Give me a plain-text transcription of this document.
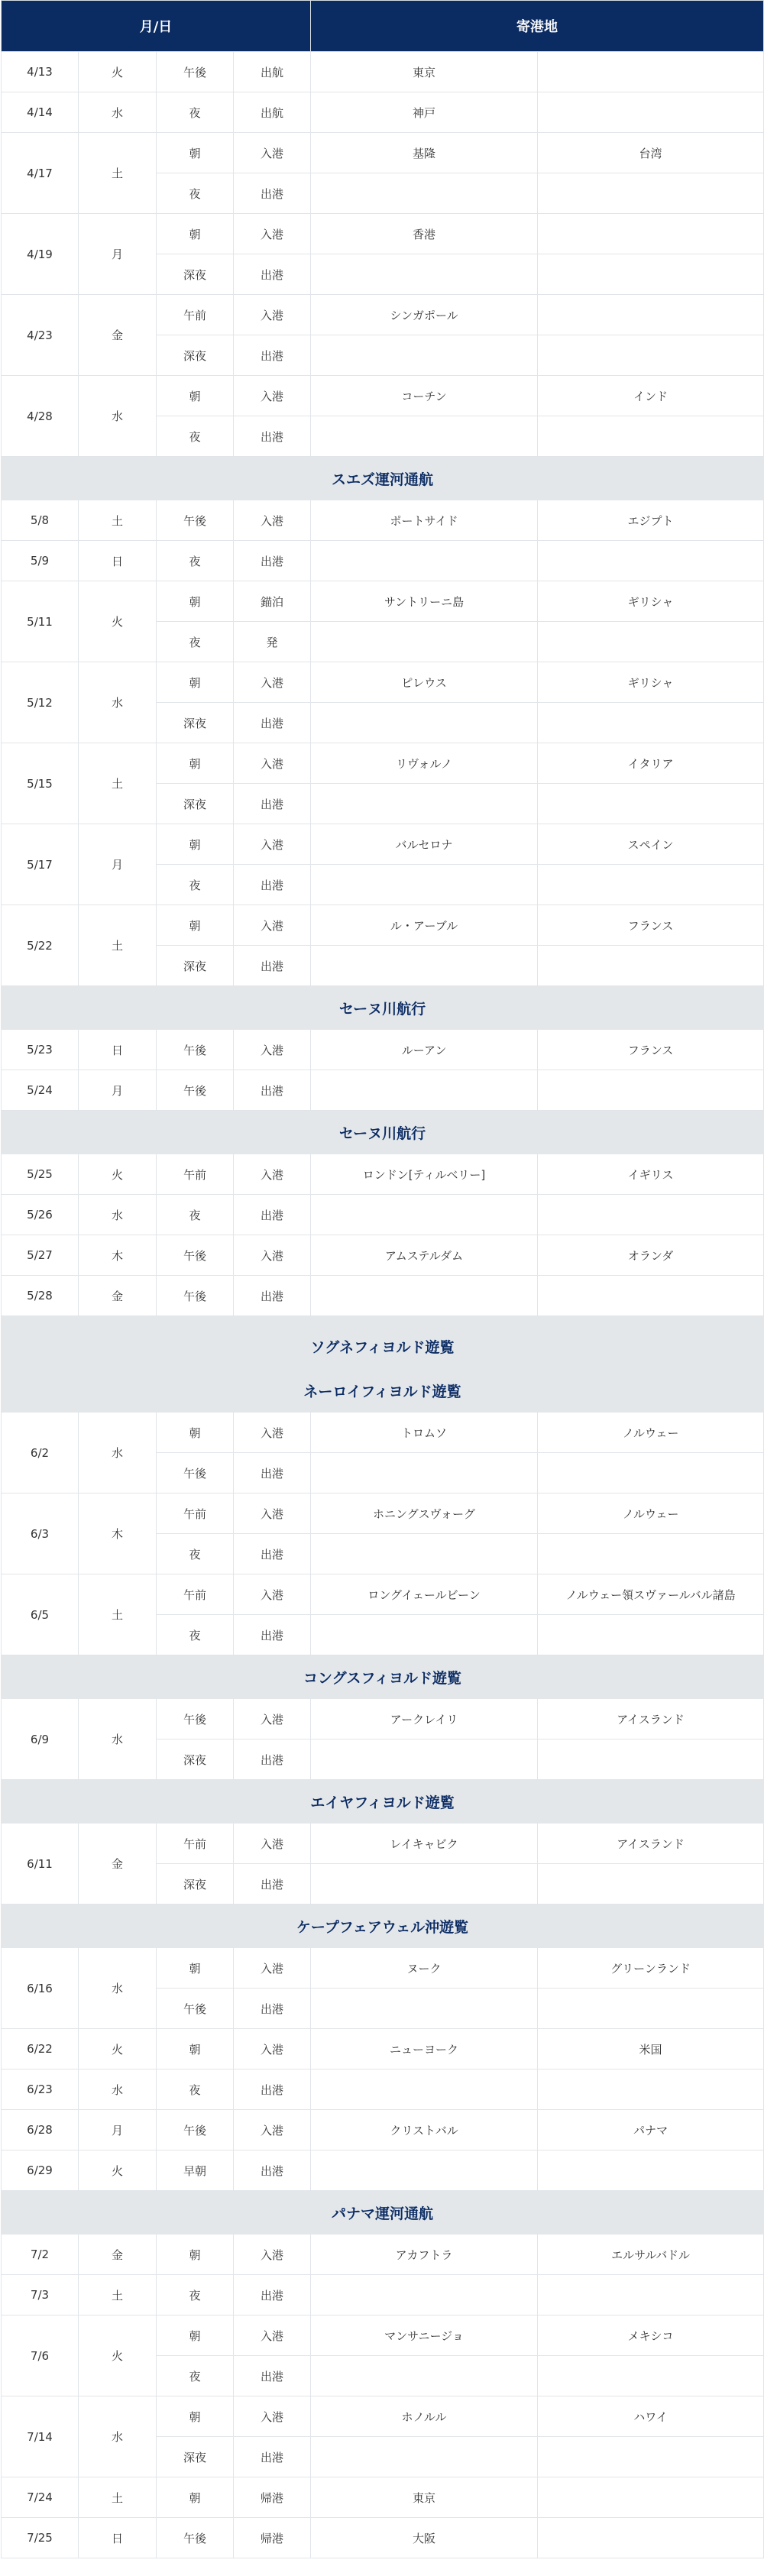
月/日				寄港地	
4/13	火	午後	出航	東京	
4/14	水	夜	出航	神戸	
4/17	土	朝	入港	基隆	台湾
		夜	出港		
4/19	月	朝	入港	香港	
		深夜	出港		
4/23	金	午前	入港	シンガポール	
		深夜	出港		
4/28	水	朝	入港	コーチン	インド
		夜	出港		
スエズ運河通航					
5/8	土	午後	入港	ポートサイド	エジプト
5/9	日	夜	出港		
5/11	火	朝	錨泊	サントリーニ島	ギリシャ
		夜	発		
5/12	水	朝	入港	ピレウス	ギリシャ
		深夜	出港		
5/15	土	朝	入港	リヴォルノ	イタリア
		深夜	出港		
5/17	月	朝	入港	バルセロナ	スペイン
		夜	出港		
5/22	土	朝	入港	ル・アーブル	フランス
		深夜	出港		
セーヌ川航行					
5/23	日	午後	入港	ルーアン	フランス
5/24	月	午後	出港		
セーヌ川航行					
5/25	火	午前	入港	ロンドン[ティルベリー]	イギリス
5/26	水	夜	出港		
5/27	木	午後	入港	アムステルダム	オランダ
5/28	金	午後	出港		
ソグネフィヨルド遊覧					
ネーロイフィヨルド遊覧					
6/2	水	朝	入港	トロムソ	ノルウェー
		午後	出港		
6/3	木	午前	入港	ホニングスヴォーグ	ノルウェー
		夜	出港		
6/5	土	午前	入港	ロングイェールビーン	ノルウェー領スヴァールバル諸島
		夜	出港		
コングスフィヨルド遊覧					
6/9	水	午後	入港	アークレイリ	アイスランド
		深夜	出港		
エイヤフィヨルド遊覧					
6/11	金	午前	入港	レイキャビク	アイスランド
		深夜	出港		
ケープフェアウェル沖遊覧					
6/16	水	朝	入港	ヌーク	グリーンランド
		午後	出港		
6/22	火	朝	入港	ニューヨーク	米国
6/23	水	夜	出港		
6/28	月	午後	入港	クリストバル	パナマ
6/29	火	早朝	出港		
パナマ運河通航					
7/2	金	朝	入港	アカフトラ	エルサルバドル
7/3	土	夜	出港		
7/6	火	朝	入港	マンサニージョ	メキシコ
		夜	出港		
7/14	水	朝	入港	ホノルル	ハワイ
		深夜	出港		
7/24	土	朝	帰港	東京	
7/25	日	午後	帰港	大阪	
